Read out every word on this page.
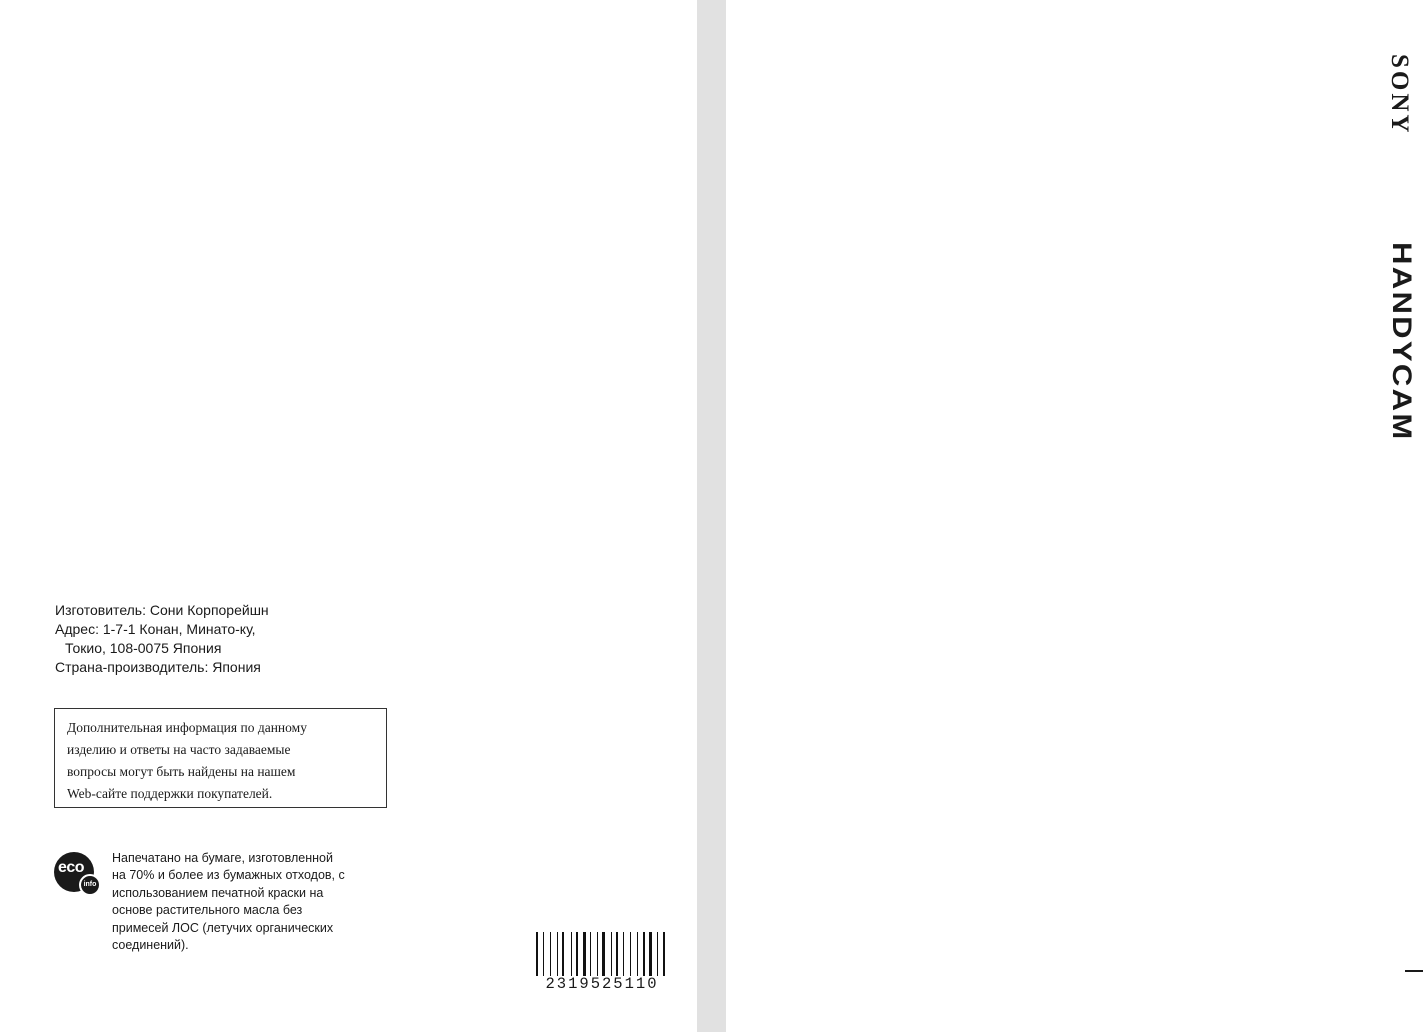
SONY
HANDYCAM
Изготовитель: Сони Корпорейшн
Адрес: 1-7-1 Конан, Минато-ку,
Токио, 108-0075 Япония
Страна-производитель: Япония
Дополнительная информация по данному
изделию и ответы на часто задаваемые
вопросы могут быть найдены на нашем
Web-сайте поддержки покупателей.
eco
info
Напечатано на бумаге, изготовленной
на 70% и более из бумажных отходов, с
использованием печатной краски на
основе растительного масла без
примесей ЛОС (летучих органических
соединений).
2319525110
